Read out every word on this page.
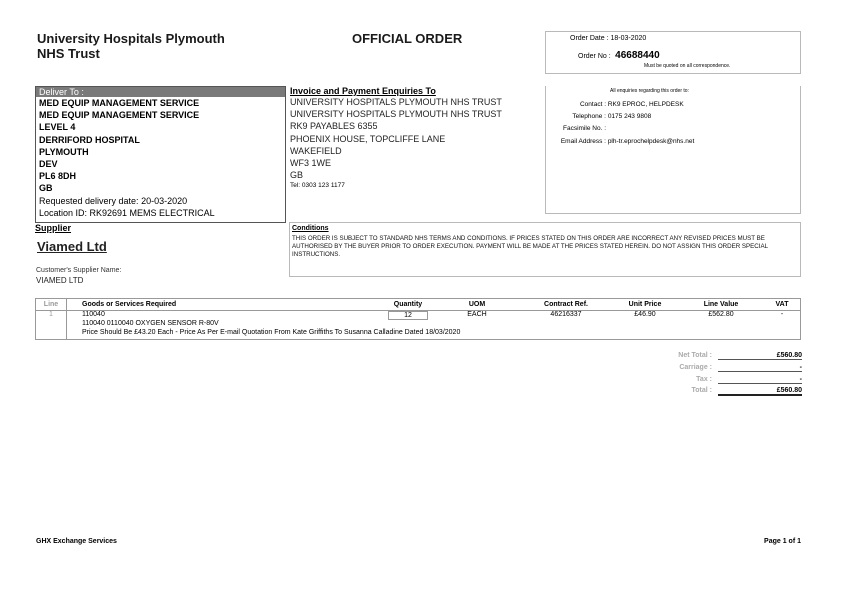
University Hospitals Plymouth
NHS Trust
OFFICIAL ORDER	Order Date : 18-03-2020
Order No : 46688440
Must be quoted on all correspondence.
Deliver To :
MED EQUIP MANAGEMENT SERVICE
MED EQUIP MANAGEMENT SERVICE
LEVEL 4
DERRIFORD HOSPITAL
PLYMOUTH
DEV
PL6 8DH
GB
Requested delivery date: 20-03-2020
Location ID: RK92691 MEMS ELECTRICAL
Invoice and Payment Enquiries To
UNIVERSITY HOSPITALS PLYMOUTH NHS TRUST
UNIVERSITY HOSPITALS PLYMOUTH NHS TRUST
RK9 PAYABLES 6355
PHOENIX HOUSE, TOPCLIFFE LANE
WAKEFIELD
WF3 1WE
GB
Tel: 0303 123 1177
All enquiries regarding this order to:
Contact : RK9 EPROC, HELPDESK
Telephone : 0175 243 9808
Facsimile No. :
Email Address : plh-tr.eprochelpdesk@nhs.net
Supplier
Viamed Ltd
Customer's Supplier Name:
VIAMED LTD
Conditions
THIS ORDER IS SUBJECT TO STANDARD NHS TERMS AND CONDITIONS. IF PRICES STATED ON THIS ORDER ARE INCORRECT ANY REVISED PRICES MUST BE AUTHORISED BY THE BUYER PRIOR TO ORDER EXECUTION. PAYMENT WILL BE MADE AT THE PRICES STATED HEREIN. DO NOT ASSIGN THIS ORDER SPECIAL INSTRUCTIONS.
Line	Goods or Services Required	Quantity	UOM	Contract Ref.	Unit Price	Line Value	VAT
1	110040	12	EACH	46216337	£46.90	£562.80	-
	110040 0110040 OXYGEN SENSOR R-80V						
	Price Should Be £43.20 Each - Price As Per E-mail Quotation From Kate Griffiths To Susanna Calladine Dated 18/03/2020						
Net Total :	£560.80
Carriage :	-
Tax :	-
Total :	£560.80
GHX Exchange Services	Page 1 of 1
